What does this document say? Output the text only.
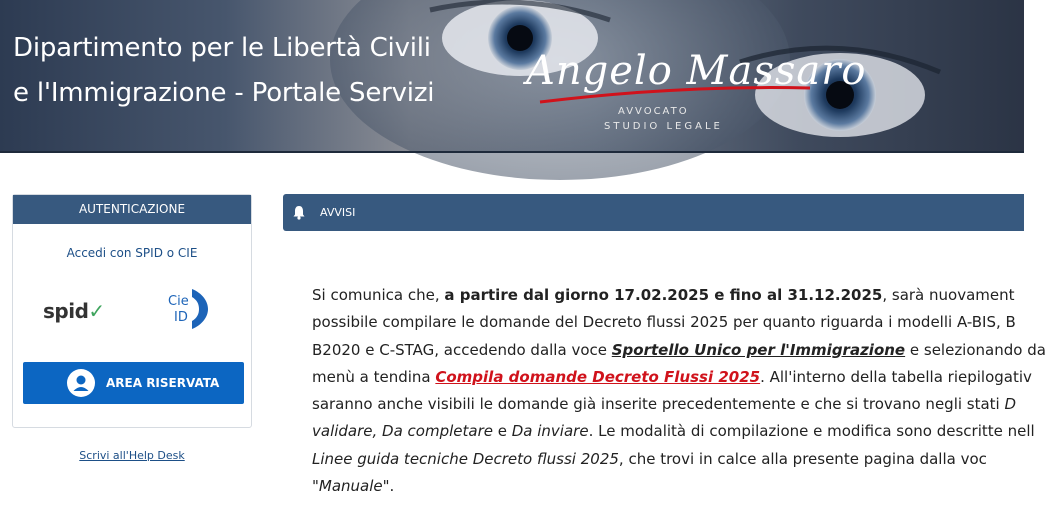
Dipartimento per le Libertà Civili
e l'Immigrazione - Portale Servizi Angelo Massaro
AVVOCATO
STUDIO LEGALE
AUTENTICAZIONE
Accedi con SPID o CIE
spid✓	Cie
ID
AREA RISERVATA
Scrivi all'Help Desk
AVVISI
Si comunica che, a partire dal giorno 17.02.2025 e fino al 31.12.2025, sarà nuovament
possibile compilare le domande del Decreto flussi 2025 per quanto riguarda i modelli A-BIS, B
B2020 e C-STAG, accedendo dalla voce Sportello Unico per l'Immigrazione e selezionando da
menù a tendina Compila domande Decreto Flussi 2025. All'interno della tabella riepilogativ
saranno anche visibili le domande già inserite precedentemente e che si trovano negli stati D
validare, Da completare e Da inviare. Le modalità di compilazione e modifica sono descritte nell
Linee guida tecniche Decreto flussi 2025, che trovi in calce alla presente pagina dalla voc
"Manuale".
